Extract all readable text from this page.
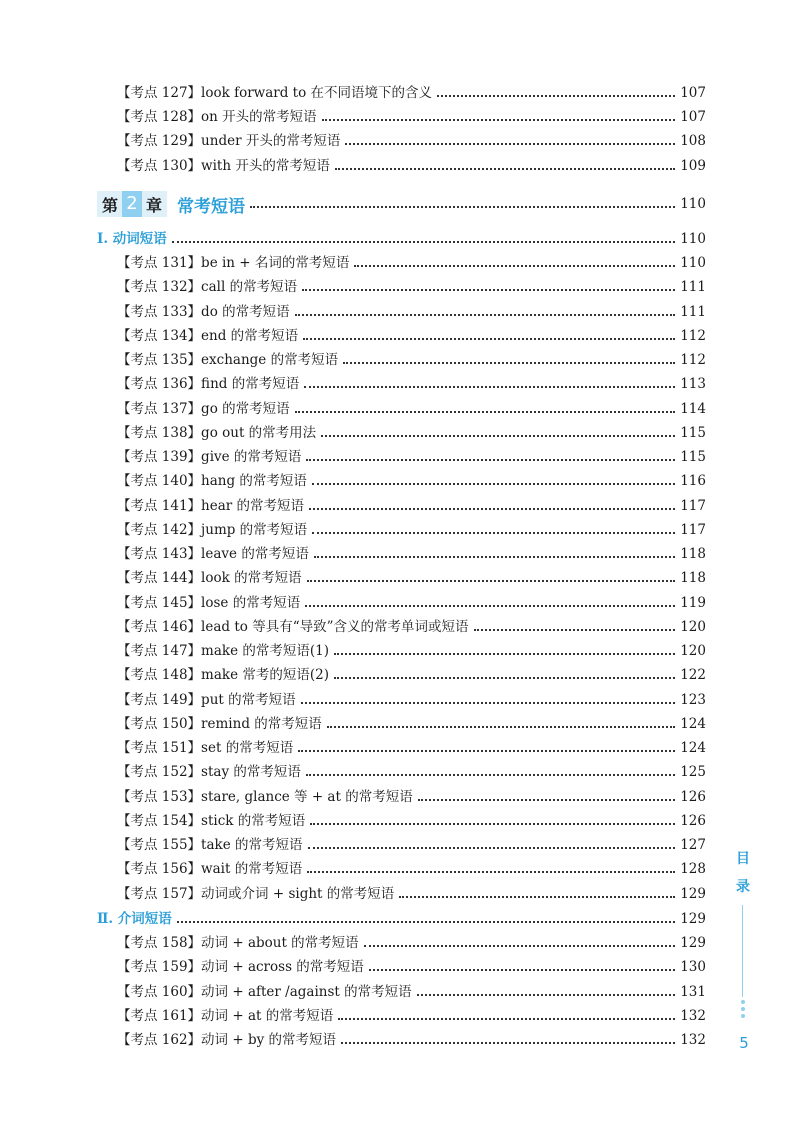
【考点 127】look forward to 在不同语境下的含义	107
【考点 128】on 开头的常考短语	107
【考点 129】under 开头的常考短语	108
【考点 130】with 开头的常考短语	109
第 2 章 常考短语	110
Ⅰ. 动词短语	110
【考点 131】be in + 名词的常考短语	110
【考点 132】call 的常考短语	111
【考点 133】do 的常考短语	111
【考点 134】end 的常考短语	112
【考点 135】exchange 的常考短语	112
【考点 136】find 的常考短语	113
【考点 137】go 的常考短语	114
【考点 138】go out 的常考用法	115
【考点 139】give 的常考短语	115
【考点 140】hang 的常考短语	116
【考点 141】hear 的常考短语	117
【考点 142】jump 的常考短语	117
【考点 143】leave 的常考短语	118
【考点 144】look 的常考短语	118
【考点 145】lose 的常考短语	119
【考点 146】lead to 等具有“导致”含义的常考单词或短语	120
【考点 147】make 的常考短语(1)	120
【考点 148】make 常考的短语(2)	122
【考点 149】put 的常考短语	123
【考点 150】remind 的常考短语	124
【考点 151】set 的常考短语	124
【考点 152】stay 的常考短语	125
【考点 153】stare, glance 等 + at 的常考短语	126
【考点 154】stick 的常考短语	126
【考点 155】take 的常考短语	127
【考点 156】wait 的常考短语	128
【考点 157】动词或介词 + sight 的常考短语	129
Ⅱ. 介词短语	129
【考点 158】动词 + about 的常考短语	129
【考点 159】动词 + across 的常考短语	130
【考点 160】动词 + after /against 的常考短语	131
【考点 161】动词 + at 的常考短语	132
【考点 162】动词 + by 的常考短语	132
目
录
5
